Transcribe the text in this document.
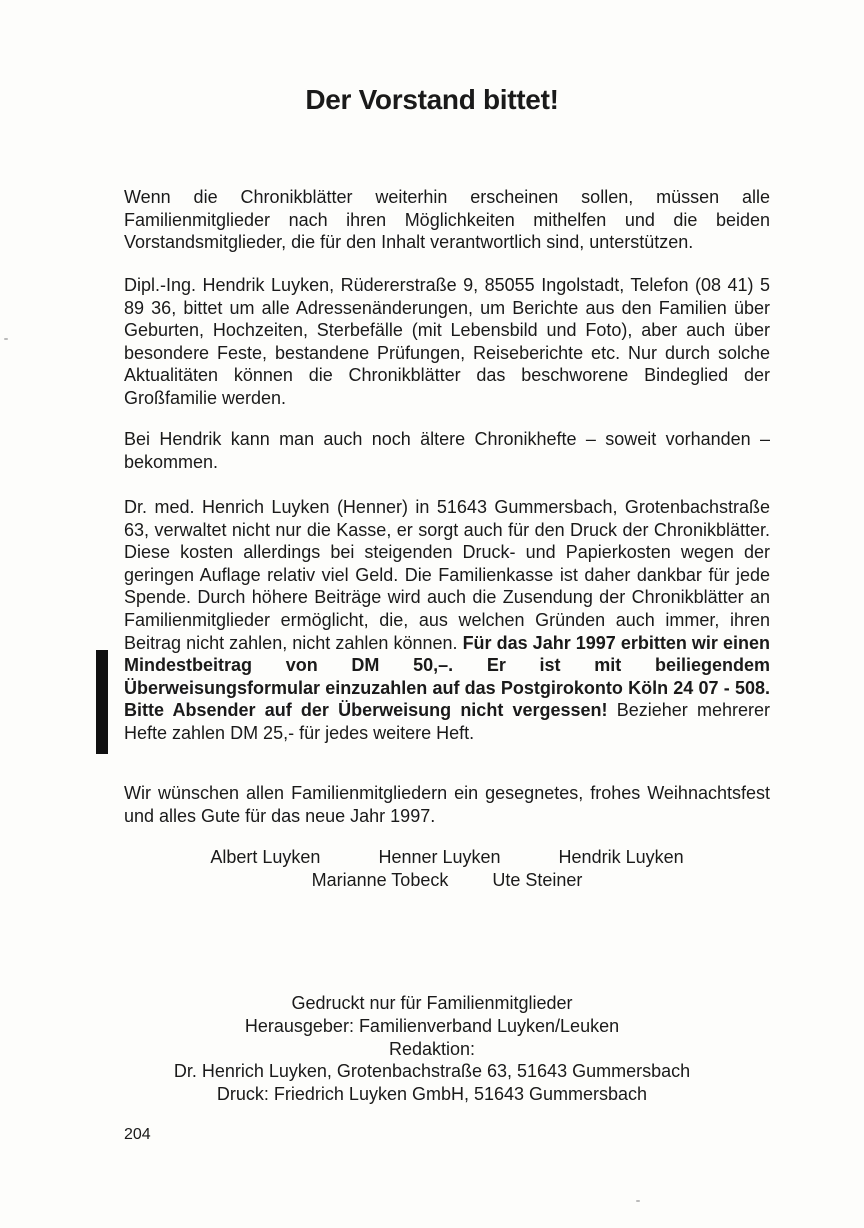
Der Vorstand bittet!

Wenn die Chronikblätter weiterhin erscheinen sollen, müssen alle Familienmitglieder nach ihren Möglichkeiten mithelfen und die beiden Vorstandsmitglieder, die für den Inhalt verantwortlich sind, unterstützen.

Dipl.-Ing. Hendrik Luyken, Rüdererstraße 9, 85055 Ingolstadt, Telefon (08 41) 5 89 36, bittet um alle Adressenänderungen, um Berichte aus den Familien über Geburten, Hochzeiten, Sterbefälle (mit Lebensbild und Foto), aber auch über besondere Feste, bestandene Prüfungen, Reiseberichte etc. Nur durch solche Aktualitäten können die Chronikblätter das beschworene Bindeglied der Großfamilie werden.

Bei Hendrik kann man auch noch ältere Chronikhefte – soweit vorhanden – bekommen.

Dr. med. Henrich Luyken (Henner) in 51643 Gummersbach, Grotenbachstraße 63, verwaltet nicht nur die Kasse, er sorgt auch für den Druck der Chronikblätter. Diese kosten allerdings bei steigenden Druck- und Papierkosten wegen der geringen Auflage relativ viel Geld. Die Familienkasse ist daher dankbar für jede Spende. Durch höhere Beiträge wird auch die Zusendung der Chronikblätter an Familienmitglieder ermöglicht, die, aus welchen Gründen auch immer, ihren Beitrag nicht zahlen, nicht zahlen können. Für das Jahr 1997 erbitten wir einen Mindestbeitrag von DM 50,–. Er ist mit beiliegendem Überweisungsformular einzuzahlen auf das Postgirokonto Köln 24 07 - 508. Bitte Absender auf der Überweisung nicht vergessen! Bezieher mehrerer Hefte zahlen DM 25,- für jedes weitere Heft.

Wir wünschen allen Familienmitgliedern ein gesegnetes, frohes Weihnachtsfest und alles Gute für das neue Jahr 1997.

Albert Luyken	Henner Luyken	Hendrik Luyken
Marianne Tobeck Ute Steiner
Gedruckt nur für Familienmitglieder
Herausgeber: Familienverband Luyken/Leuken
Redaktion:
Dr. Henrich Luyken, Grotenbachstraße 63, 51643 Gummersbach
Druck: Friedrich Luyken GmbH, 51643 Gummersbach
204
